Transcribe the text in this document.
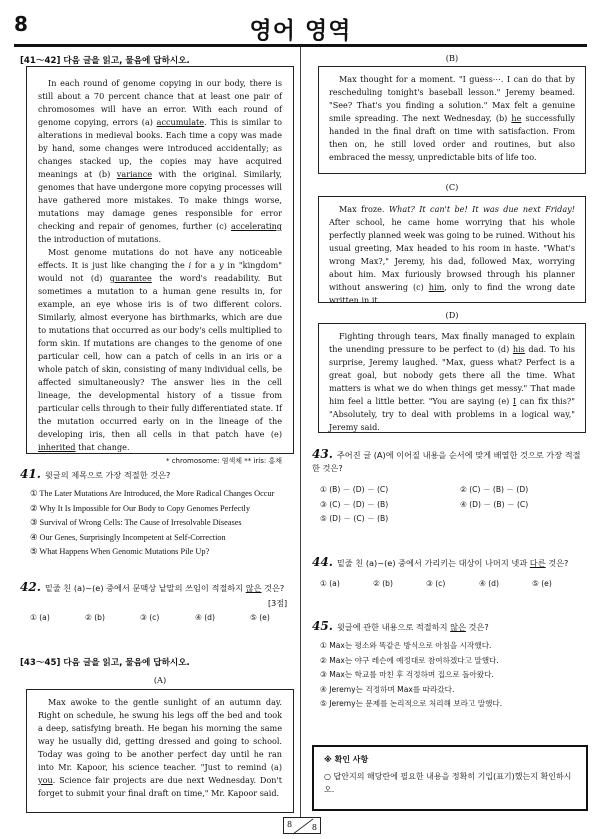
8	영어 영역
[41～42] 다음 글을 읽고, 물음에 답하시오.

In each round of genome copying in our body, there is still about a 70 percent chance that at least one pair of chromosomes will have an error. With each round of genome copying, errors (a) accumulate. This is similar to alterations in medieval books. Each time a copy was made by hand, some changes were introduced accidentally; as changes stacked up, the copies may have acquired meanings at (b) variance with the original. Similarly, genomes that have undergone more copying processes will have gathered more mistakes. To make things worse, mutations may damage genes responsible for error checking and repair of genomes, further (c) accelerating the introduction of mutations.

Most genome mutations do not have any noticeable effects. It is just like changing the i for a y in "kingdom" would not (d) guarantee the word's readability. But sometimes a mutation to a human gene results in, for example, an eye whose iris is of two different colors. Similarly, almost everyone has birthmarks, which are due to mutations that occurred as our body's cells multiplied to form skin. If mutations are changes to the genome of one particular cell, how can a patch of cells in an iris or a whole patch of skin, consisting of many individual cells, be affected simultaneously? The answer lies in the cell lineage, the developmental history of a tissue from particular cells through to their fully differentiated state. If the mutation occurred early on in the lineage of the developing iris, then all cells in that patch have (e) inherited that change.

* chromosome: 염색체 ** iris: 홍채
41. 윗글의 제목으로 가장 적절한 것은?
① The Later Mutations Are Introduced, the More Radical Changes Occur
② Why It Is Impossible for Our Body to Copy Genomes Perfectly
③ Survival of Wrong Cells: The Cause of Irresolvable Diseases
④ Our Genes, Surprisingly Incompetent at Self-Correction
⑤ What Happens When Genomic Mutations Pile Up?
42. 밑줄 친 (a)~(e) 중에서 문맥상 낱말의 쓰임이 적절하지 않은 것은?
[3점]
① (a)	② (b)	③ (c)	④ (d)	⑤ (e)
[43～45] 다음 글을 읽고, 물음에 답하시오.
(A)

Max awoke to the gentle sunlight of an autumn day. Right on schedule, he swung his legs off the bed and took a deep, satisfying breath. He began his morning the same way he usually did, getting dressed and going to school. Today was going to be another perfect day until he ran into Mr. Kapoor, his science teacher. "Just to remind (a) you. Science fair projects are due next Wednesday. Don't forget to submit your final draft on time," Mr. Kapoor said.

(B)

Max thought for a moment. "I guess⋯. I can do that by rescheduling tonight's baseball lesson." Jeremy beamed. "See? That's you finding a solution." Max felt a genuine smile spreading. The next Wednesday, (b) he successfully handed in the final draft on time with satisfaction. From then on, he still loved order and routines, but also embraced the messy, unpredictable bits of life too.

(C)

Max froze. What? It can't be! It was due next Friday! After school, he came home worrying that his whole perfectly planned week was going to be ruined. Without his usual greeting, Max headed to his room in haste. "What's wrong Max?," Jeremy, his dad, followed Max, worrying about him. Max furiously browsed through his planner without answering (c) him, only to find the wrong date written in it.

(D)

Fighting through tears, Max finally managed to explain the unending pressure to be perfect to (d) his dad. To his surprise, Jeremy laughed. "Max, guess what? Perfect is a great goal, but nobody gets there all the time. What matters is what we do when things get messy." That made him feel a little better. "You are saying (e) I can fix this?" "Absolutely, try to deal with problems in a logical way," Jeremy said.

43. 주어진 글 (A)에 이어질 내용을 순서에 맞게 배열한 것으로 가장 적절한 것은?
① (B) － (D) － (C)	② (C) － (B) － (D)
③ (C) － (D) － (B)	④ (D) － (B) － (C)
⑤ (D) － (C) － (B)
44. 밑줄 친 (a)~(e) 중에서 가리키는 대상이 나머지 넷과 다른 것은?
① (a)	② (b)	③ (c)	④ (d)	⑤ (e)
45. 윗글에 관한 내용으로 적절하지 않은 것은?
① Max는 평소와 똑같은 방식으로 아침을 시작했다.
② Max는 야구 레슨에 예정대로 참여하겠다고 말했다.
③ Max는 학교를 마친 후 걱정하며 집으로 돌아왔다.
④ Jeremy는 걱정하며 Max를 따라갔다.
⑤ Jeremy는 문제를 논리적으로 처리해 보라고 말했다.
※ 확인 사항
○ 답안지의 해당란에 필요한 내용을 정확히 기입(표기)했는지 확인하시오.
8 8
